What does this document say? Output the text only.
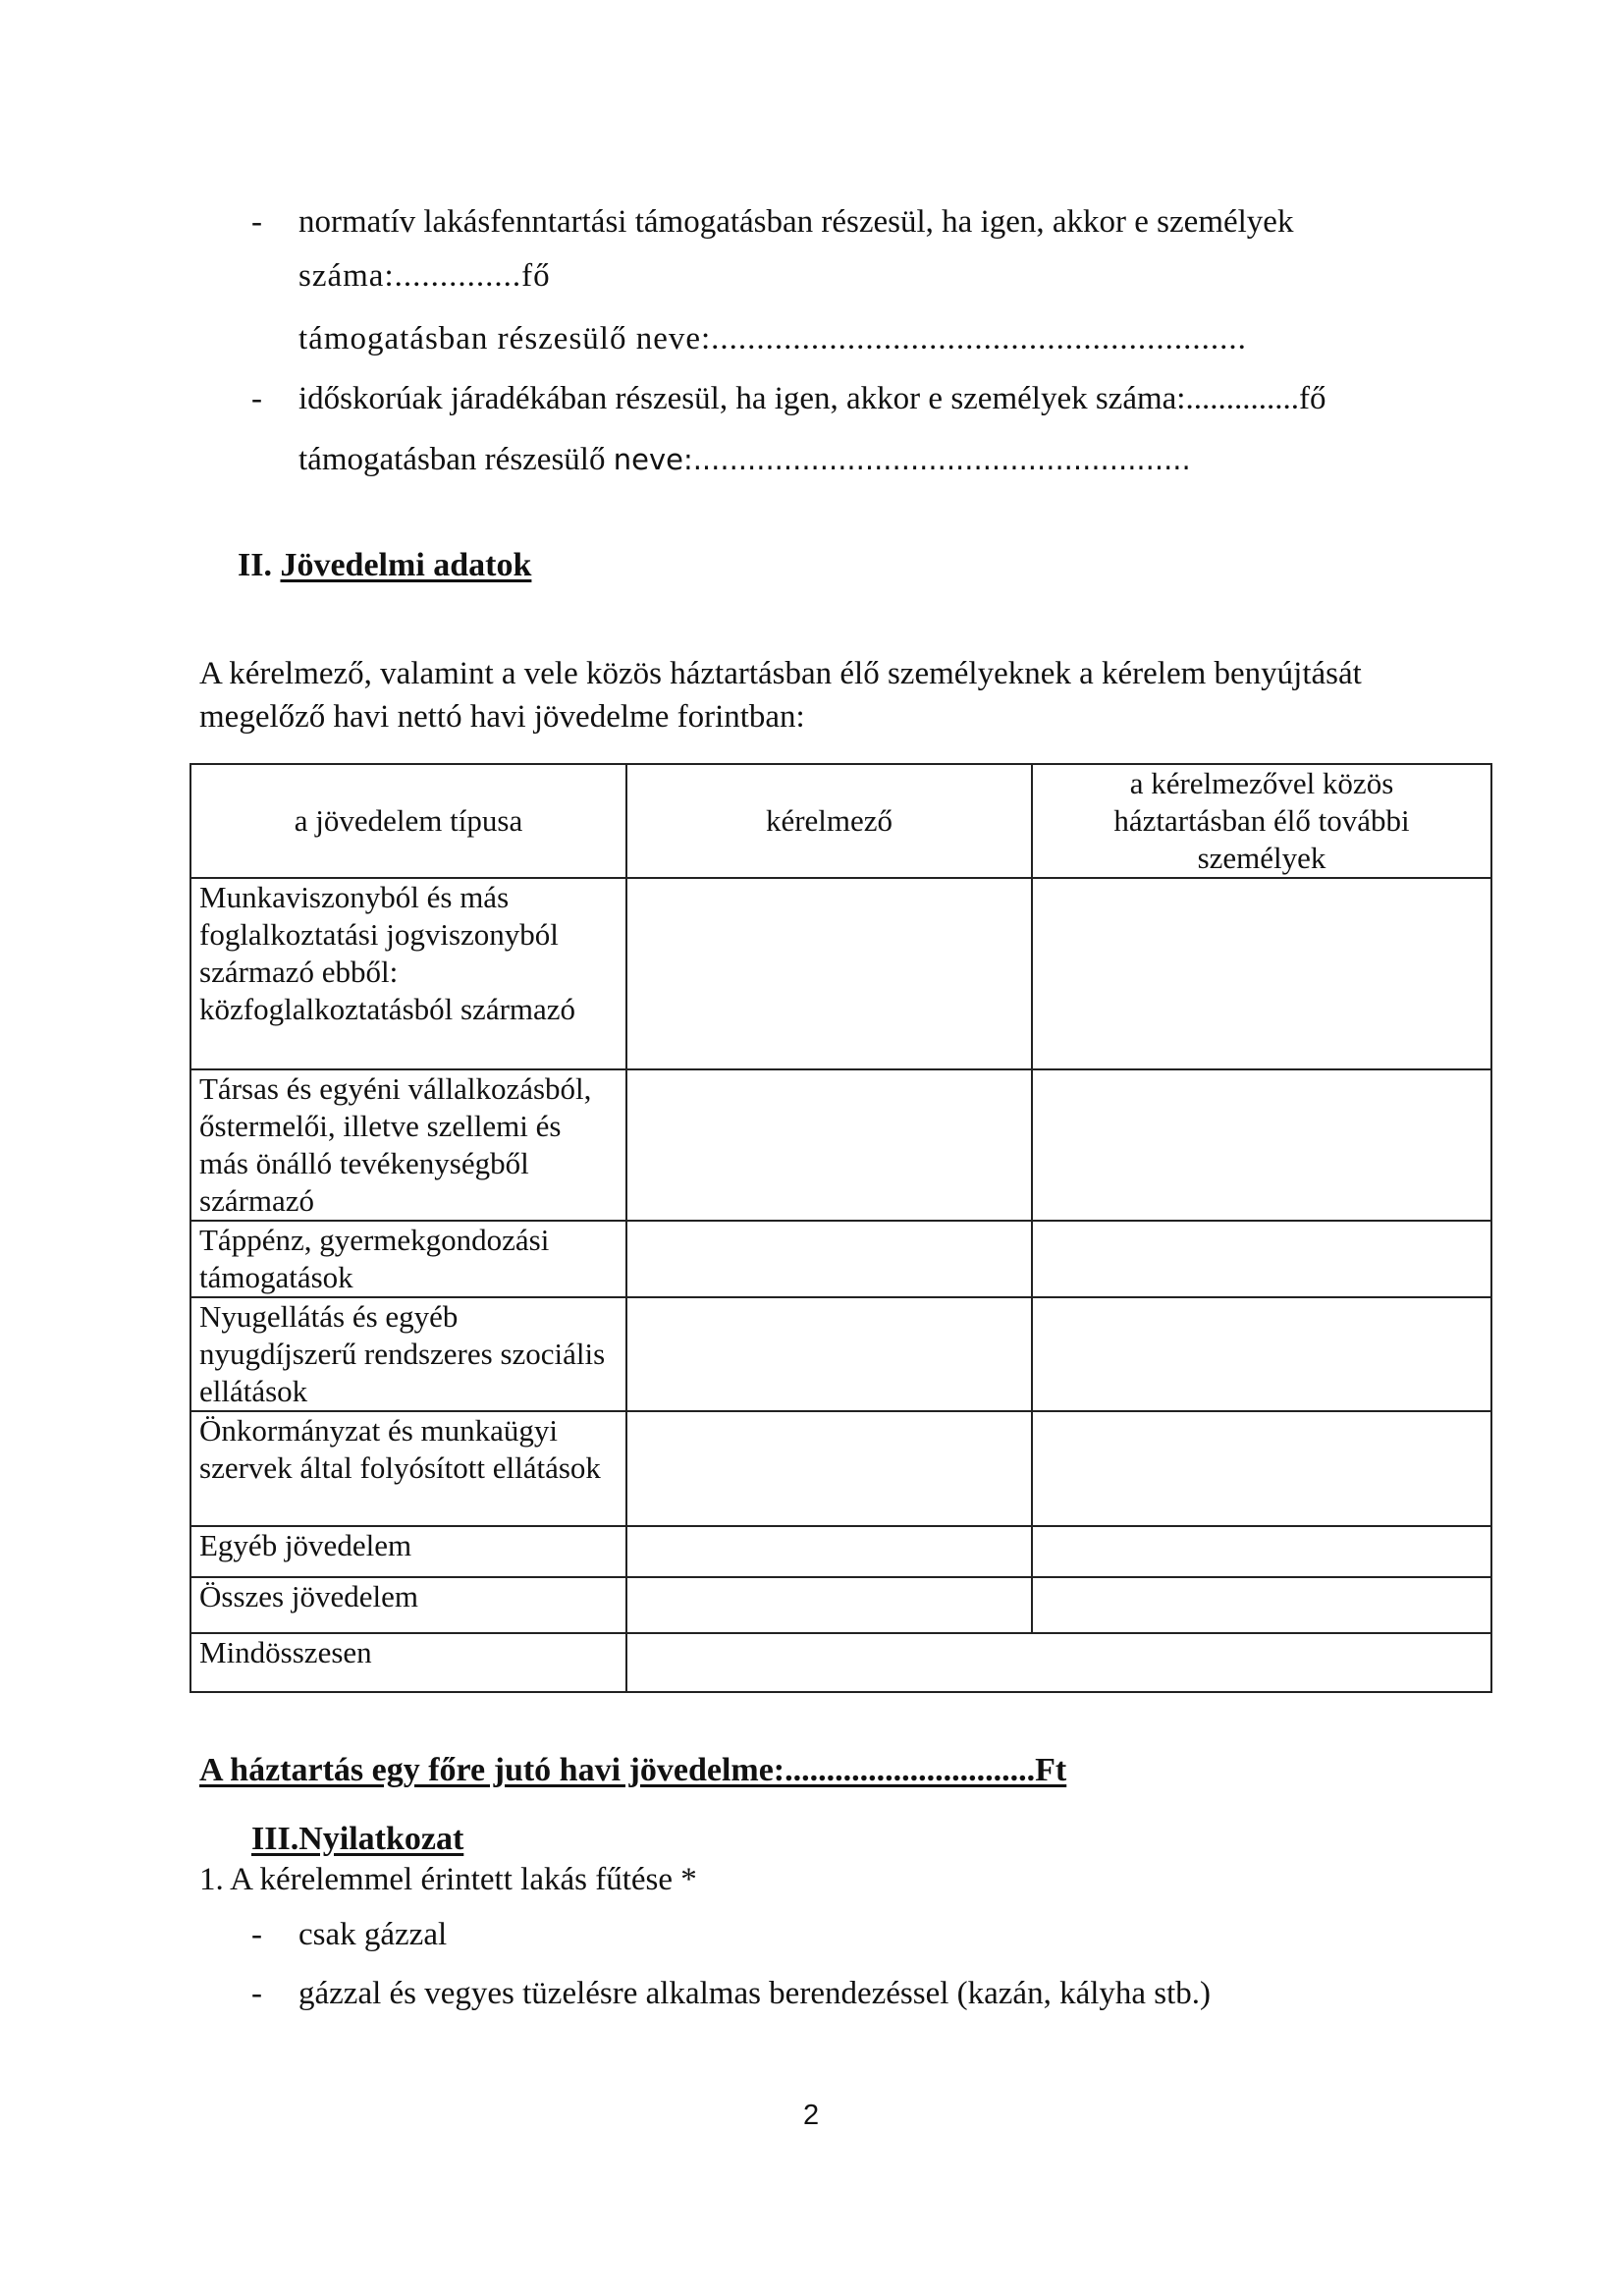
- normatív lakásfenntartási támogatásban részesül, ha igen, akkor e személyek
száma:..............fő
támogatásban részesülő neve:...........................................................
- időskorúak járadékában részesül, ha igen, akkor e személyek száma:..............fő
támogatásban részesülő neve:.......................................................
II. Jövedelmi adatok
A kérelmező, valamint a vele közös háztartásban élő személyeknek a kérelem benyújtását
megelőző havi nettó havi jövedelme forintban:
a jövedelem típusa	kérelmező	a kérelmezővel közös háztartásban élő további személyek
Munkaviszonyból és más foglalkoztatási jogviszonyból származó ebből: közfoglalkoztatásból származó		
Társas és egyéni vállalkozásból, őstermelői, illetve szellemi és más önálló tevékenységből származó		
Táppénz, gyermekgondozási támogatások		
Nyugellátás és egyéb nyugdíjszerű rendszeres szociális ellátások		
Önkormányzat és munkaügyi szervek által folyósított ellátások		
Egyéb jövedelem		
Összes jövedelem		
Mindösszesen		
A háztartás egy főre jutó havi jövedelme:..............................Ft
III.Nyilatkozat
1. A kérelemmel érintett lakás fűtése *
- csak gázzal
- gázzal és vegyes tüzelésre alkalmas berendezéssel (kazán, kályha stb.)
2
